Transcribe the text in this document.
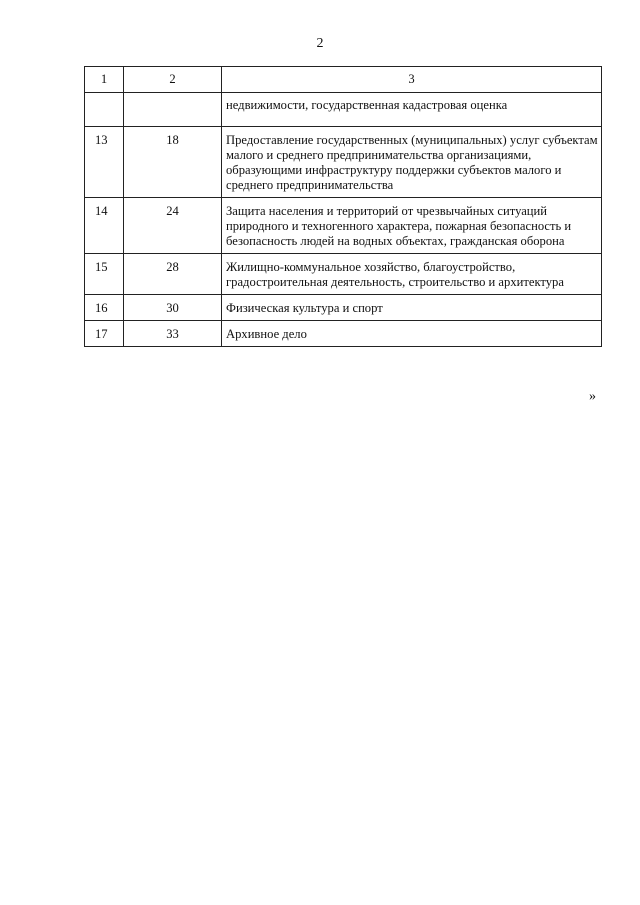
2
1	2	3
		недвижимости, государственная кадастровая оценка
13	18	Предоставление государственных (муниципальных) услуг субъектам малого и среднего предпринимательства организациями, образующими инфраструктуру поддержки субъектов малого и среднего предпринимательства
14	24	Защита населения и территорий от чрезвычайных ситуаций природного и техногенного характера, пожарная безопасность и безопасность людей на водных объектах, гражданская оборона
15	28	Жилищно-коммунальное хозяйство, благоустройство, градостроительная деятельность, строительство и архитектура
16	30	Физическая культура и спорт
17	33	Архивное дело
»
